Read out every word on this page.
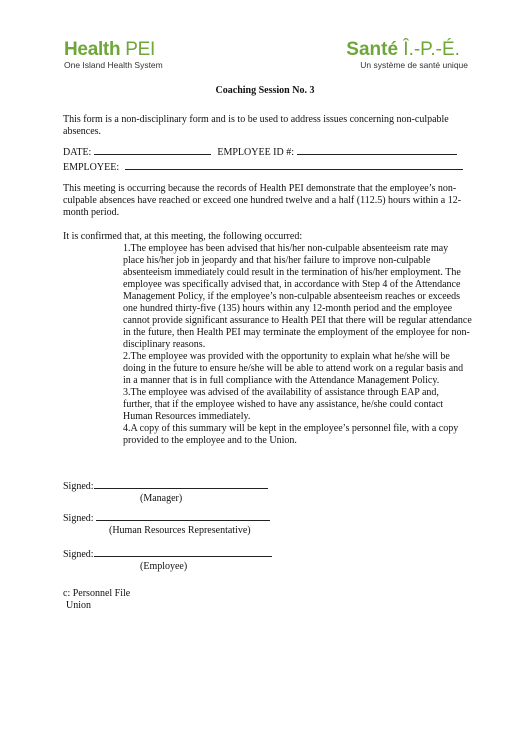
Health PEI
One Island Health System
Santé Î.-P.-É.
Un système de santé unique
Coaching Session No. 3
This form is a non-disciplinary form and is to be used to address issues concerning non-culpable absences.
DATE:	EMPLOYEE ID #:
EMPLOYEE:
This meeting is occurring because the records of Health PEI demonstrate that the employee’s non-culpable absences have reached or exceed one hundred twelve and a half (112.5) hours within a 12-month period.
It is confirmed that, at this meeting, the following occurred:
1.The employee has been advised that his/her non-culpable absenteeism rate may
place his/her job in jeopardy and that his/her failure to improve non-culpable absenteeism immediately could result in the termination of his/her employment. The employee was specifically advised that, in accordance with Step 4 of the Attendance Management Policy, if the employee’s non-culpable absenteeism reaches or exceeds one hundred thirty-five (135) hours within any 12-month period and the employee cannot provide significant assurance to Health PEI that there will be regular attendance in the future, then Health PEI may terminate the employment of the employee for non-disciplinary reasons.
2.The employee was provided with the opportunity to explain what he/she will be
doing in the future to ensure he/she will be able to attend work on a regular basis and in a manner that is in full compliance with the Attendance Management Policy.
3.The employee was advised of the availability of assistance through EAP and,
further, that if the employee wished to have any assistance, he/she could contact Human Resources immediately.
4.A copy of this summary will be kept in the employee’s personnel file, with a copy
provided to the employee and to the Union.
Signed:
(Manager)
Signed:
(Human Resources Representative)
Signed:
(Employee)
c: Personnel File
Union
